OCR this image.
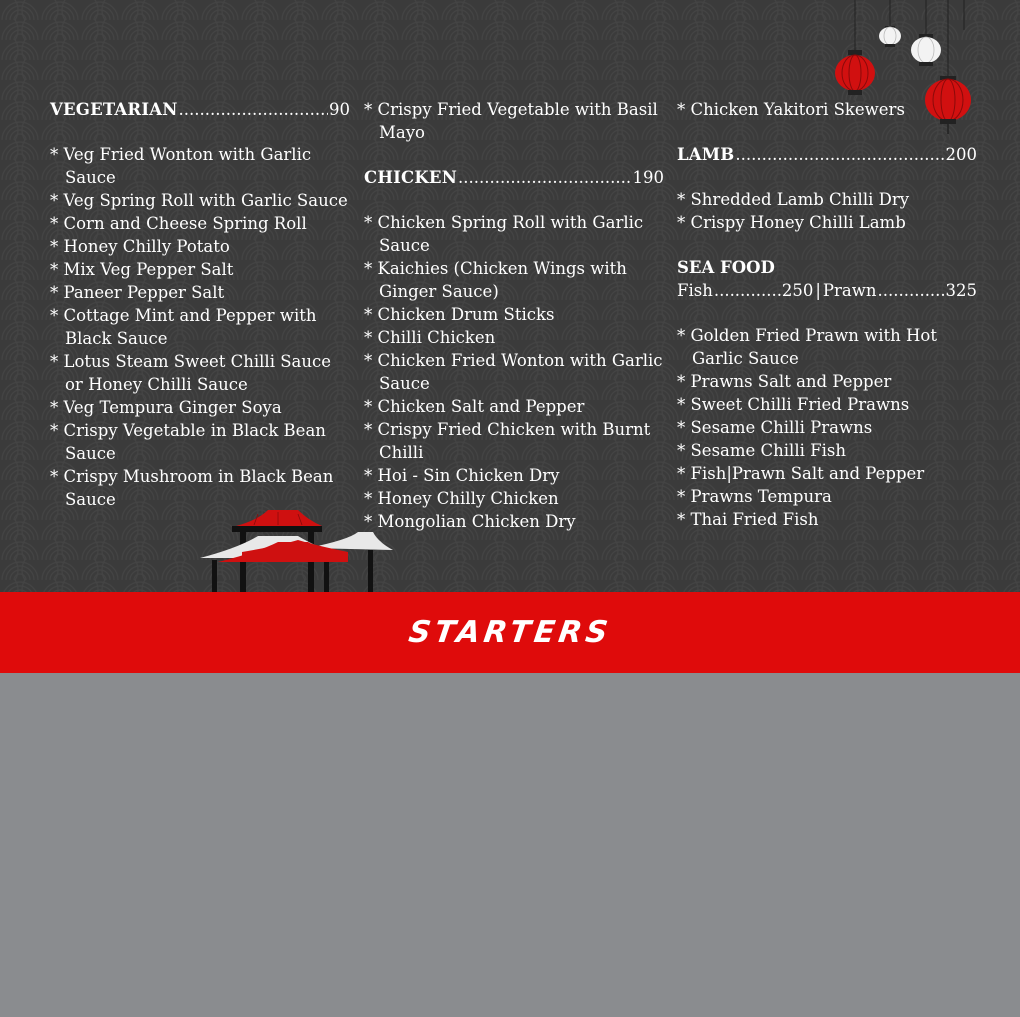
VEGETARIAN .....	90
* Veg Fried Wonton with Garlic Sauce
* Veg Spring Roll with Garlic Sauce
* Corn and Cheese Spring Roll
* Honey Chilly Potato
* Mix Veg Pepper Salt
* Paneer Pepper Salt
* Cottage Mint and Pepper with Black Sauce
* Lotus Steam Sweet Chilli Sauce or Honey Chilli Sauce
* Veg Tempura Ginger Soya
* Crispy Vegetable in Black Bean Sauce
* Crispy Mushroom in Black Bean Sauce
* Crispy Fried Vegetable with Basil Mayo
CHICKEN .....	190
* Chicken Spring Roll with Garlic Sauce
* Kaichies (Chicken Wings with Ginger Sauce)
* Chicken Drum Sticks
* Chilli Chicken
* Chicken Fried Wonton with Garlic Sauce
* Chicken Salt and Pepper
* Crispy Fried Chicken with Burnt Chilli
* Hoi - Sin Chicken Dry
* Honey Chilly Chicken
* Mongolian Chicken Dry
* Chicken Yakitori Skewers
LAMB .....	200
* Shredded Lamb Chilli Dry
* Crispy Honey Chilli Lamb
SEA FOOD
Fish .....	250 | Prawn .....	325
* Golden Fried Prawn with Hot Garlic Sauce
* Prawns Salt and Pepper
* Sweet Chilli Fried Prawns
* Sesame Chilli Prawns
* Sesame Chilli Fish
* Fish|Prawn Salt and Pepper
* Prawns Tempura
* Thai Fried Fish
STARTERS
